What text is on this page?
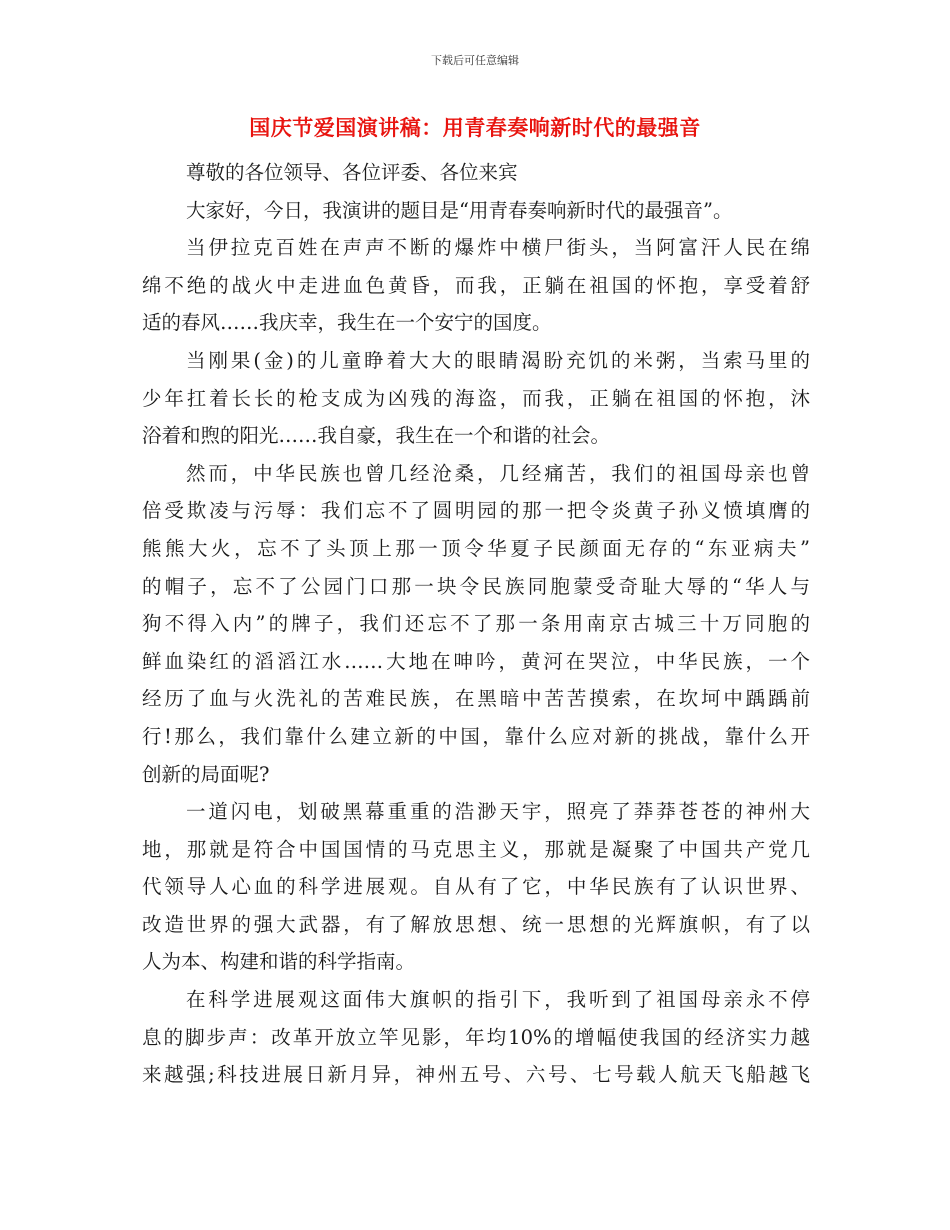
下载后可任意编辑
国庆节爱国演讲稿：用青春奏响新时代的最强音
尊敬的各位领导、各位评委、各位来宾
大家好，今日，我演讲的题目是“用青春奏响新时代的最强音”。
当伊拉克百姓在声声不断的爆炸中横尸街头，当阿富汗人民在绵
绵不绝的战火中走进血色黄昏，而我，正躺在祖国的怀抱，享受着舒
适的春风……我庆幸，我生在一个安宁的国度。
当刚果(金)的儿童睁着大大的眼睛渴盼充饥的米粥，当索马里的
少年扛着长长的枪支成为凶残的海盗，而我，正躺在祖国的怀抱，沐
浴着和煦的阳光……我自豪，我生在一个和谐的社会。
然而，中华民族也曾几经沧桑，几经痛苦，我们的祖国母亲也曾
倍受欺凌与污辱：我们忘不了圆明园的那一把令炎黄子孙义愤填膺的
熊熊大火，忘不了头顶上那一顶令华夏子民颜面无存的“东亚病夫”
的帽子，忘不了公园门口那一块令民族同胞蒙受奇耻大辱的“华人与
狗不得入内”的牌子，我们还忘不了那一条用南京古城三十万同胞的
鲜血染红的滔滔江水……大地在呻吟，黄河在哭泣，中华民族，一个
经历了血与火洗礼的苦难民族，在黑暗中苦苦摸索，在坎坷中踽踽前
行!那么，我们靠什么建立新的中国，靠什么应对新的挑战，靠什么开
创新的局面呢?
一道闪电，划破黑幕重重的浩渺天宇，照亮了莽莽苍苍的神州大
地，那就是符合中国国情的马克思主义，那就是凝聚了中国共产党几
代领导人心血的科学进展观。自从有了它，中华民族有了认识世界、
改造世界的强大武器，有了解放思想、统一思想的光辉旗帜，有了以
人为本、构建和谐的科学指南。
在科学进展观这面伟大旗帜的指引下，我听到了祖国母亲永不停
息的脚步声：改革开放立竿见影，年均10%的增幅使我国的经济实力越
来越强;科技进展日新月异，神州五号、六号、七号载人航天飞船越飞
